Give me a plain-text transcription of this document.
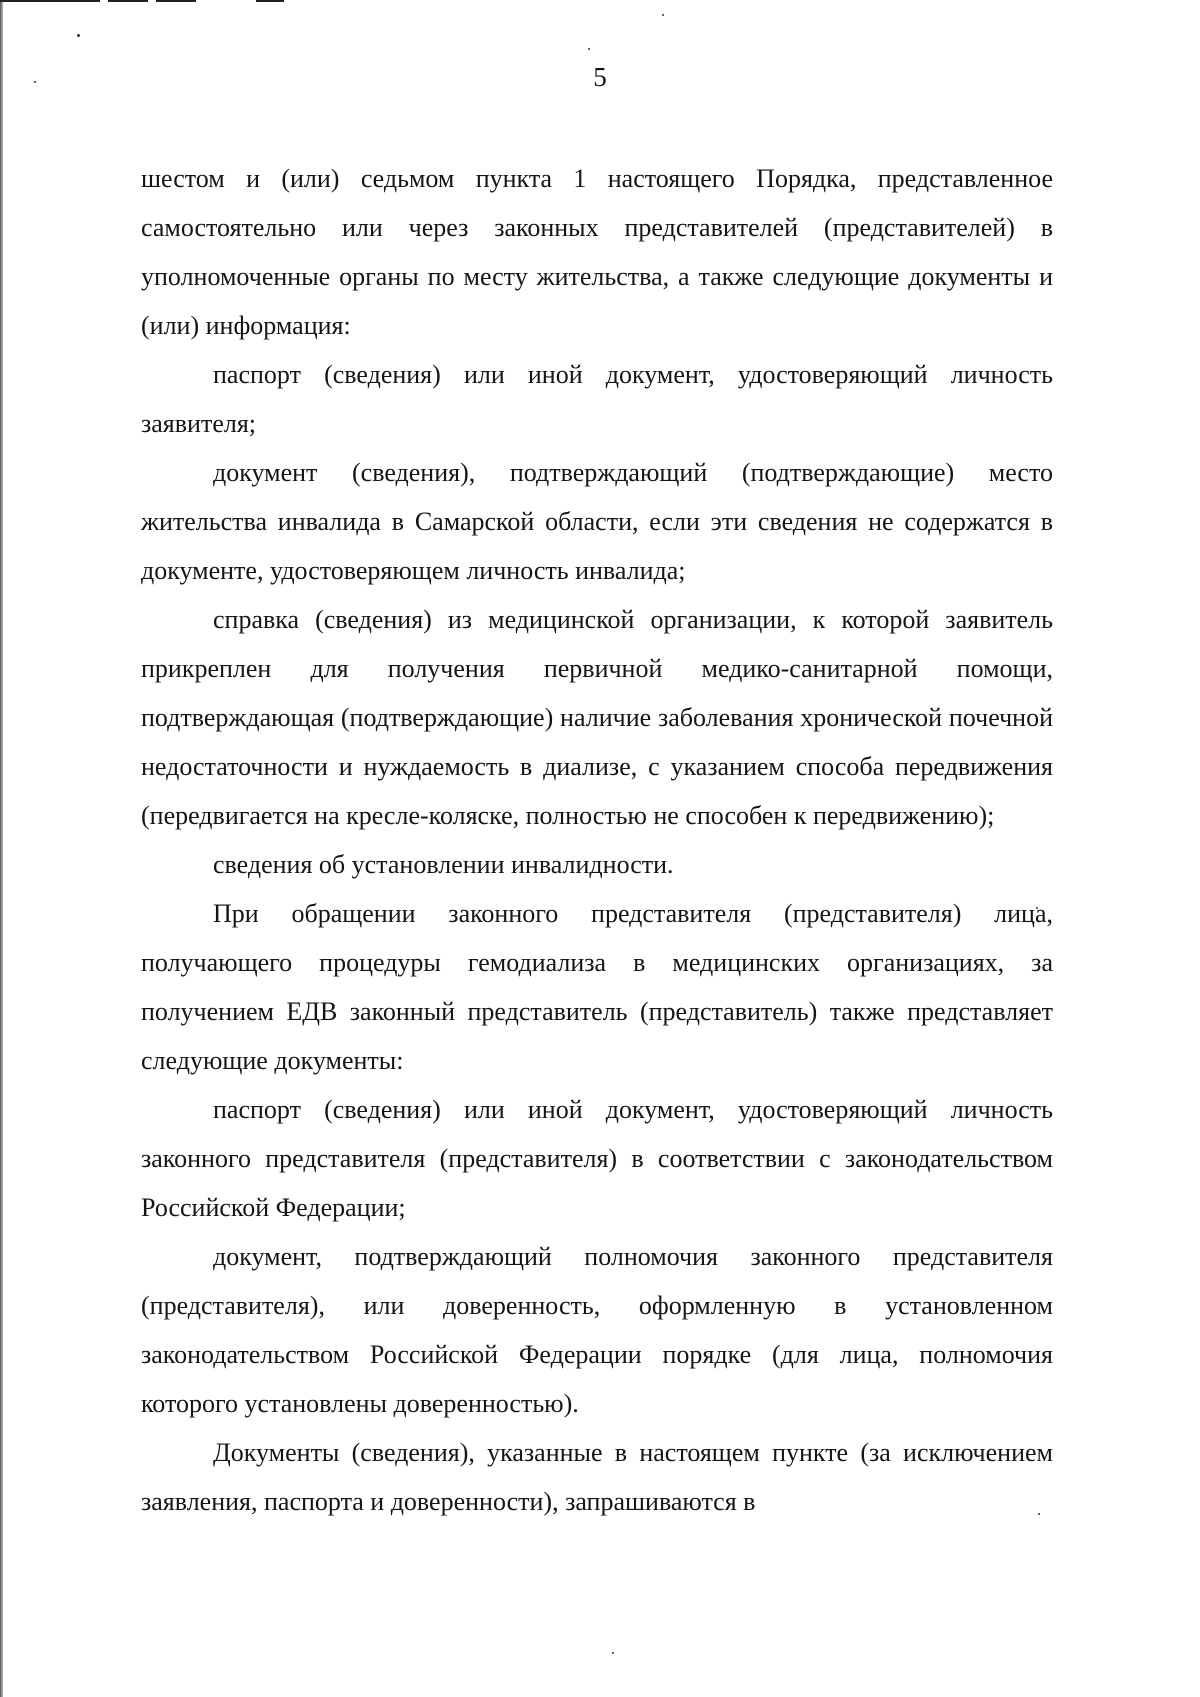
5

шестом и (или) седьмом пункта 1 настоящего Порядка, представленное самостоятельно или через законных представителей (представителей) в уполномоченные органы по месту жительства, а также следующие документы и (или) информация:

паспорт (сведения) или иной документ, удостоверяющий личность заявителя;

документ (сведения), подтверждающий (подтверждающие) место жительства инвалида в Самарской области, если эти сведения не содержатся в документе, удостоверяющем личность инвалида;

справка (сведения) из медицинской организации, к которой заявитель прикреплен для получения первичной медико-санитарной помощи, подтверждающая (подтверждающие) наличие заболевания хронической почечной недостаточности и нуждаемость в диализе, с указанием способа передвижения (передвигается на кресле-коляске, полностью не способен к передвижению);

сведения об установлении инвалидности.

При обращении законного представителя (представителя) лица, получающего процедуры гемодиализа в медицинских организациях, за получением ЕДВ законный представитель (представитель) также представляет следующие документы:

паспорт (сведения) или иной документ, удостоверяющий личность законного представителя (представителя) в соответствии с законодательством Российской Федерации;

документ, подтверждающий полномочия законного представителя (представителя), или доверенность, оформленную в установленном законодательством Российской Федерации порядке (для лица, полномочия которого установлены доверенностью).

Документы (сведения), указанные в настоящем пункте (за исключением заявления, паспорта и доверенности), запрашиваются в
